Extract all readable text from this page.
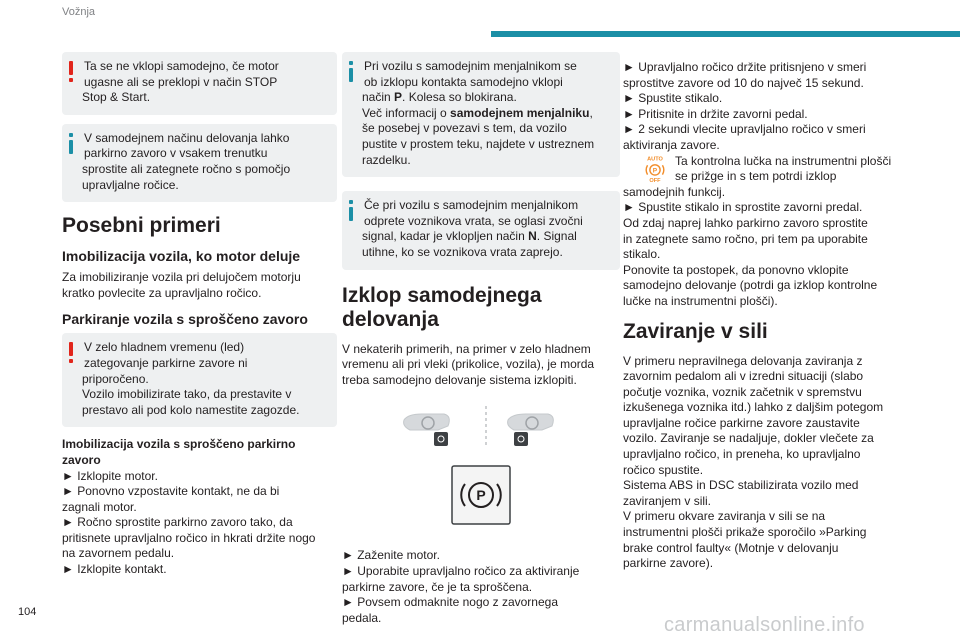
Vožnja
Ta se ne vklopi samodejno, če motor
ugasne ali se preklopi v način STOP
Stop & Start.
V samodejnem načinu delovanja lahko
parkirno zavoro v vsakem trenutku
sprostite ali zategnete ročno s pomočjo
upravljalne ročice.
Posebni primeri
Imobilizacija vozila, ko motor deluje

Za imobiliziranje vozila pri delujočem motorju
kratko povlecite za upravljalno ročico.

Parkiranje vozila s sproščeno zavoro
V zelo hladnem vremenu (led)
zategovanje parkirne zavore ni
priporočeno.
Vozilo imobilizirate tako, da prestavite v
prestavo ali pod kolo namestite zagozde.

Imobilizacija vozila s sproščeno parkirno
zavoro

► Izklopite motor.
► Ponovno vzpostavite kontakt, ne da bi
zagnali motor.
► Ročno sprostite parkirno zavoro tako, da
pritisnete upravljalno ročico in hkrati držite nogo
na zavornem pedalu.
► Izklopite kontakt.
Pri vozilu s samodejnim menjalnikom se
ob izklopu kontakta samodejno vklopi
način P. Kolesa so blokirana.
Več informacij o samodejnem menjalniku,
še posebej v povezavi s tem, da vozilo
pustite v prostem teku, najdete v ustreznem
razdelku.
Če pri vozilu s samodejnim menjalnikom
odprete voznikova vrata, se oglasi zvočni
signal, kadar je vklopljen način N. Signal
utihne, ko se voznikova vrata zaprejo.
Izklop samodejnega
delovanja

V nekaterih primerih, na primer v zelo hladnem
vremenu ali pri vleki (prikolice, vozila), je morda
treba samodejno delovanje sistema izklopiti.

P
► Zaženite motor.
► Uporabite upravljalno ročico za aktiviranje
parkirne zavore, če je ta sproščena.
► Povsem odmaknite nogo z zavornega
pedala.
► Upravljalno ročico držite pritisnjeno v smeri
sprostitve zavore od 10 do največ 15 sekund.
► Spustite stikalo.
► Pritisnite in držite zavorni pedal.
► 2 sekundi vlecite upravljalno ročico v smeri
aktiviranja zavore.
AUTO
P
OFF
Ta kontrolna lučka na instrumentni plošči
se prižge in s tem potrdi izklop
samodejnih funkcij.
► Spustite stikalo in sprostite zavorni predal.
Od zdaj naprej lahko parkirno zavoro sprostite
in zategnete samo ročno, pri tem pa uporabite
stikalo.
Ponovite ta postopek, da ponovno vklopite
samodejno delovanje (potrdi ga izklop kontrolne
lučke na instrumentni plošči).
Zaviranje v sili
V primeru nepravilnega delovanja zaviranja z
zavornim pedalom ali v izredni situaciji (slabo
počutje voznika, voznik začetnik v spremstvu
izkušenega voznika itd.) lahko z daljšim potegom
upravljalne ročice parkirne zavore zaustavite
vozilo. Zaviranje se nadaljuje, dokler vlečete za
upravljalno ročico, in preneha, ko upravljalno
ročico spustite.
Sistema ABS in DSC stabilizirata vozilo med
zaviranjem v sili.
V primeru okvare zaviranja v sili se na
instrumentni plošči prikaže sporočilo »Parking
brake control faulty« (Motnje v delovanju
parkirne zavore).
104
carmanualsonline.info
